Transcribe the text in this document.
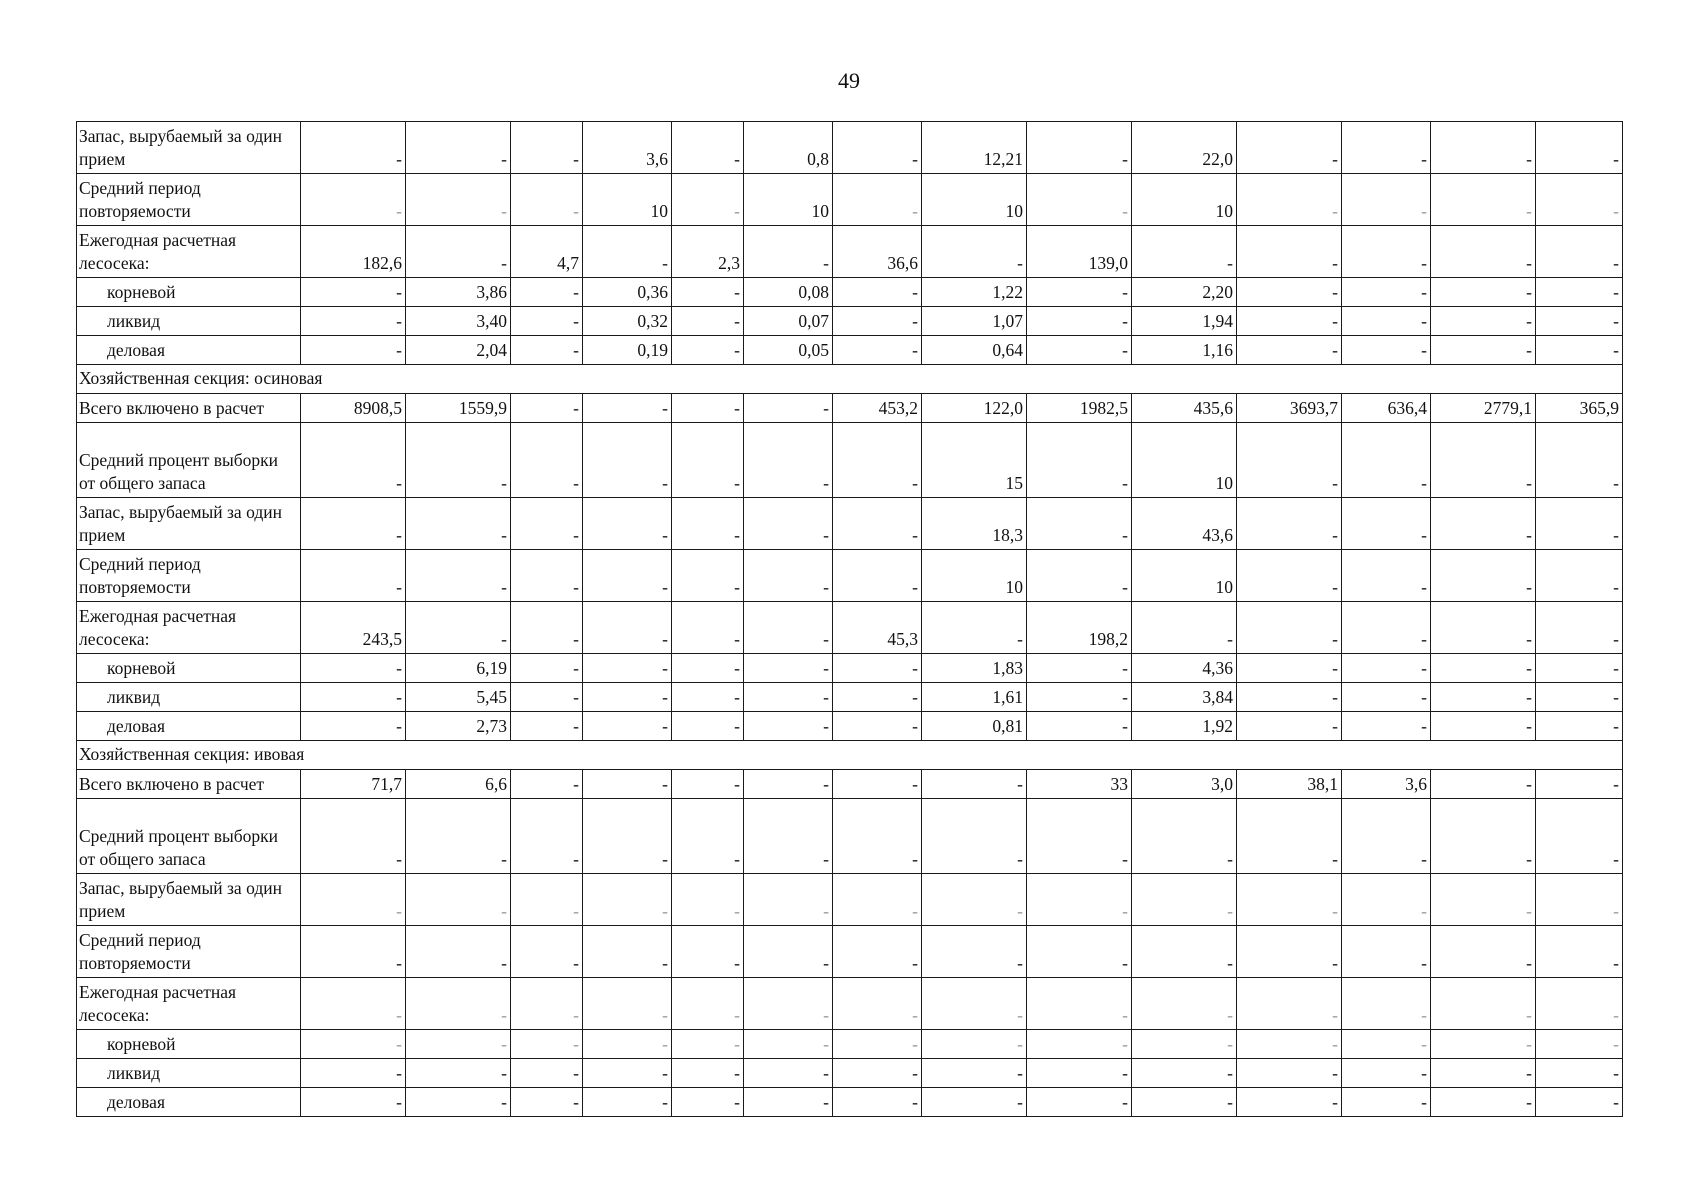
49
Запас, вырубаемый за один прием	-	-	-	3,6	-	0,8	-	12,21	-	22,0	-	-	-	-
Средний период повторяемости	-	-	-	10	-	10	-	10	-	10	-	-	-	-
Ежегодная расчетная лесосека:	182,6	-	4,7	-	2,3	-	36,6	-	139,0	-	-	-	-	-
корневой	-	3,86	-	0,36	-	0,08	-	1,22	-	2,20	-	-	-	-
ликвид	-	3,40	-	0,32	-	0,07	-	1,07	-	1,94	-	-	-	-
деловая	-	2,04	-	0,19	-	0,05	-	0,64	-	1,16	-	-	-	-
Хозяйственная секция: осиновая														
Всего включено в расчет	8908,5	1559,9	-	-	-	-	453,2	122,0	1982,5	435,6	3693,7	636,4	2779,1	365,9
Средний процент выборки от общего запаса	-	-	-	-	-	-	-	15	-	10	-	-	-	-
Запас, вырубаемый за один прием	-	-	-	-	-	-	-	18,3	-	43,6	-	-	-	-
Средний период повторяемости	-	-	-	-	-	-	-	10	-	10	-	-	-	-
Ежегодная расчетная лесосека:	243,5	-	-	-	-	-	45,3	-	198,2	-	-	-	-	-
корневой	-	6,19	-	-	-	-	-	1,83	-	4,36	-	-	-	-
ликвид	-	5,45	-	-	-	-	-	1,61	-	3,84	-	-	-	-
деловая	-	2,73	-	-	-	-	-	0,81	-	1,92	-	-	-	-
Хозяйственная секция: ивовая														
Всего включено в расчет	71,7	6,6	-	-	-	-	-	-	33	3,0	38,1	3,6	-	-
Средний процент выборки от общего запаса	-	-	-	-	-	-	-	-	-	-	-	-	-	-
Запас, вырубаемый за один прием	-	-	-	-	-	-	-	-	-	-	-	-	-	-
Средний период повторяемости	-	-	-	-	-	-	-	-	-	-	-	-	-	-
Ежегодная расчетная лесосека:	-	-	-	-	-	-	-	-	-	-	-	-	-	-
корневой	-	-	-	-	-	-	-	-	-	-	-	-	-	-
ликвид	-	-	-	-	-	-	-	-	-	-	-	-	-	-
деловая	-	-	-	-	-	-	-	-	-	-	-	-	-	-
